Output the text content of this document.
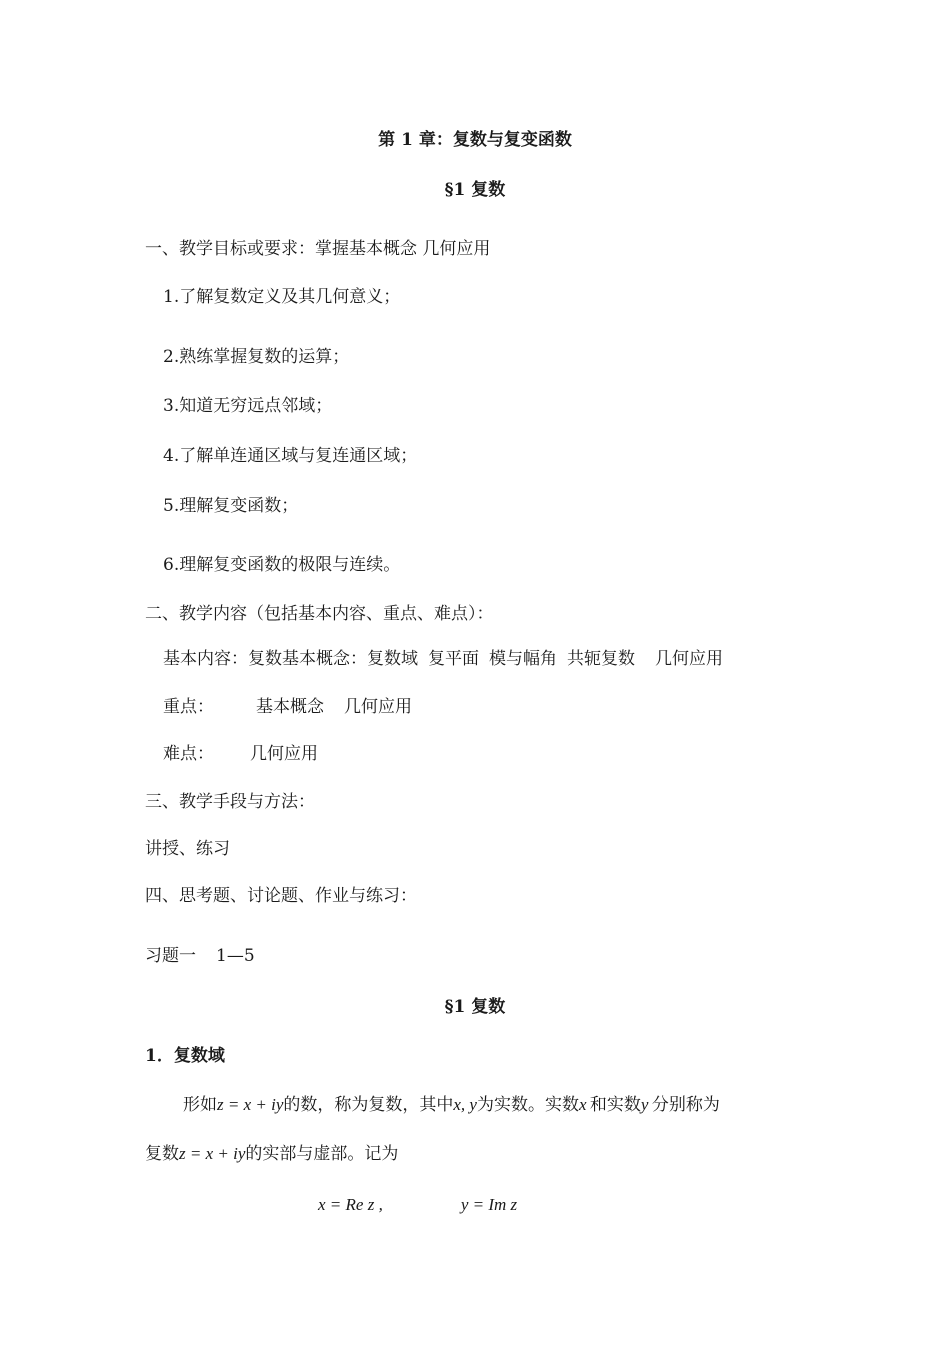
第 1 章：复数与复变函数
§1 复数
一、教学目标或要求：掌握基本概念 几何应用
1.了解复数定义及其几何意义；
2.熟练掌握复数的运算；
3.知道无穷远点邻域；
4.了解单连通区域与复连通区域；
5.理解复变函数；
6.理解复变函数的极限与连续。
二、教学内容（包括基本内容、重点、难点）：
基本内容：复数基本概念：复数域 复平面 模与幅角 共轭复数 几何应用
重点： 基本概念 几何应用
难点： 几何应用
三、教学手段与方法：
讲授、练习
四、思考题、讨论题、作业与练习：
习题一 1—5
§1 复数
1．复数域
形如z = x + iy的数，称为复数，其中x, y为实数。实数x  和实数y  分别称为
复数z = x + iy的实部与虚部。记为
x = Re z ,	y = Im z
